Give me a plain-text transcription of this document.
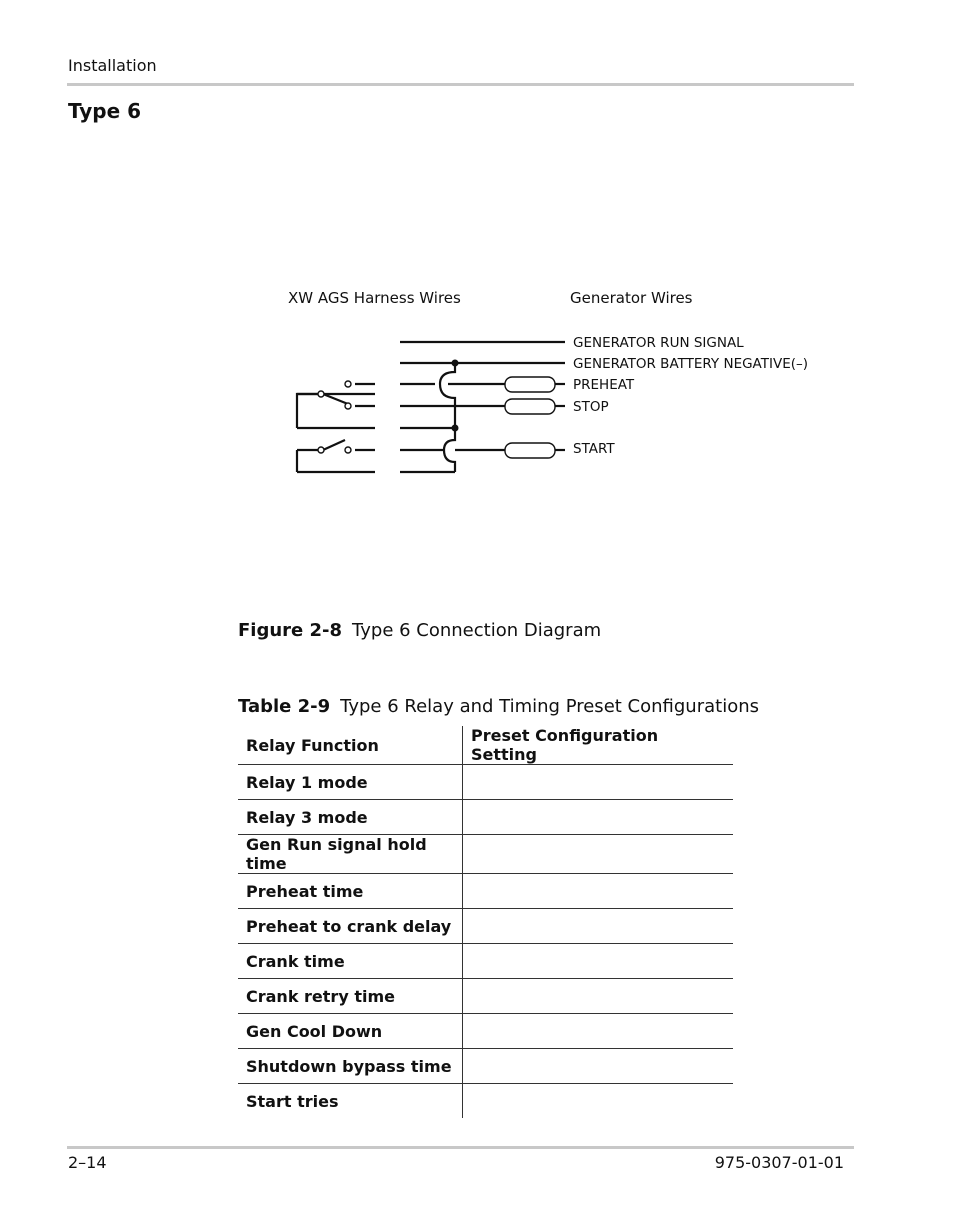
Installation
Type 6
XW AGS Harness Wires	Generator Wires
GENERATOR RUN SIGNAL
GENERATOR BATTERY NEGATIVE(–)
PREHEAT
STOP
START
Figure 2-8 Type 6 Connection Diagram
Table 2-9 Type 6 Relay and Timing Preset Configurations
Relay Function	Preset Configuration Setting
Relay 1 mode	
Relay 3 mode	
Gen Run signal hold time	
Preheat time	
Preheat to crank delay	
Crank time	
Crank retry time	
Gen Cool Down	
Shutdown bypass time	
Start tries	
2–14	975-0307-01-01
